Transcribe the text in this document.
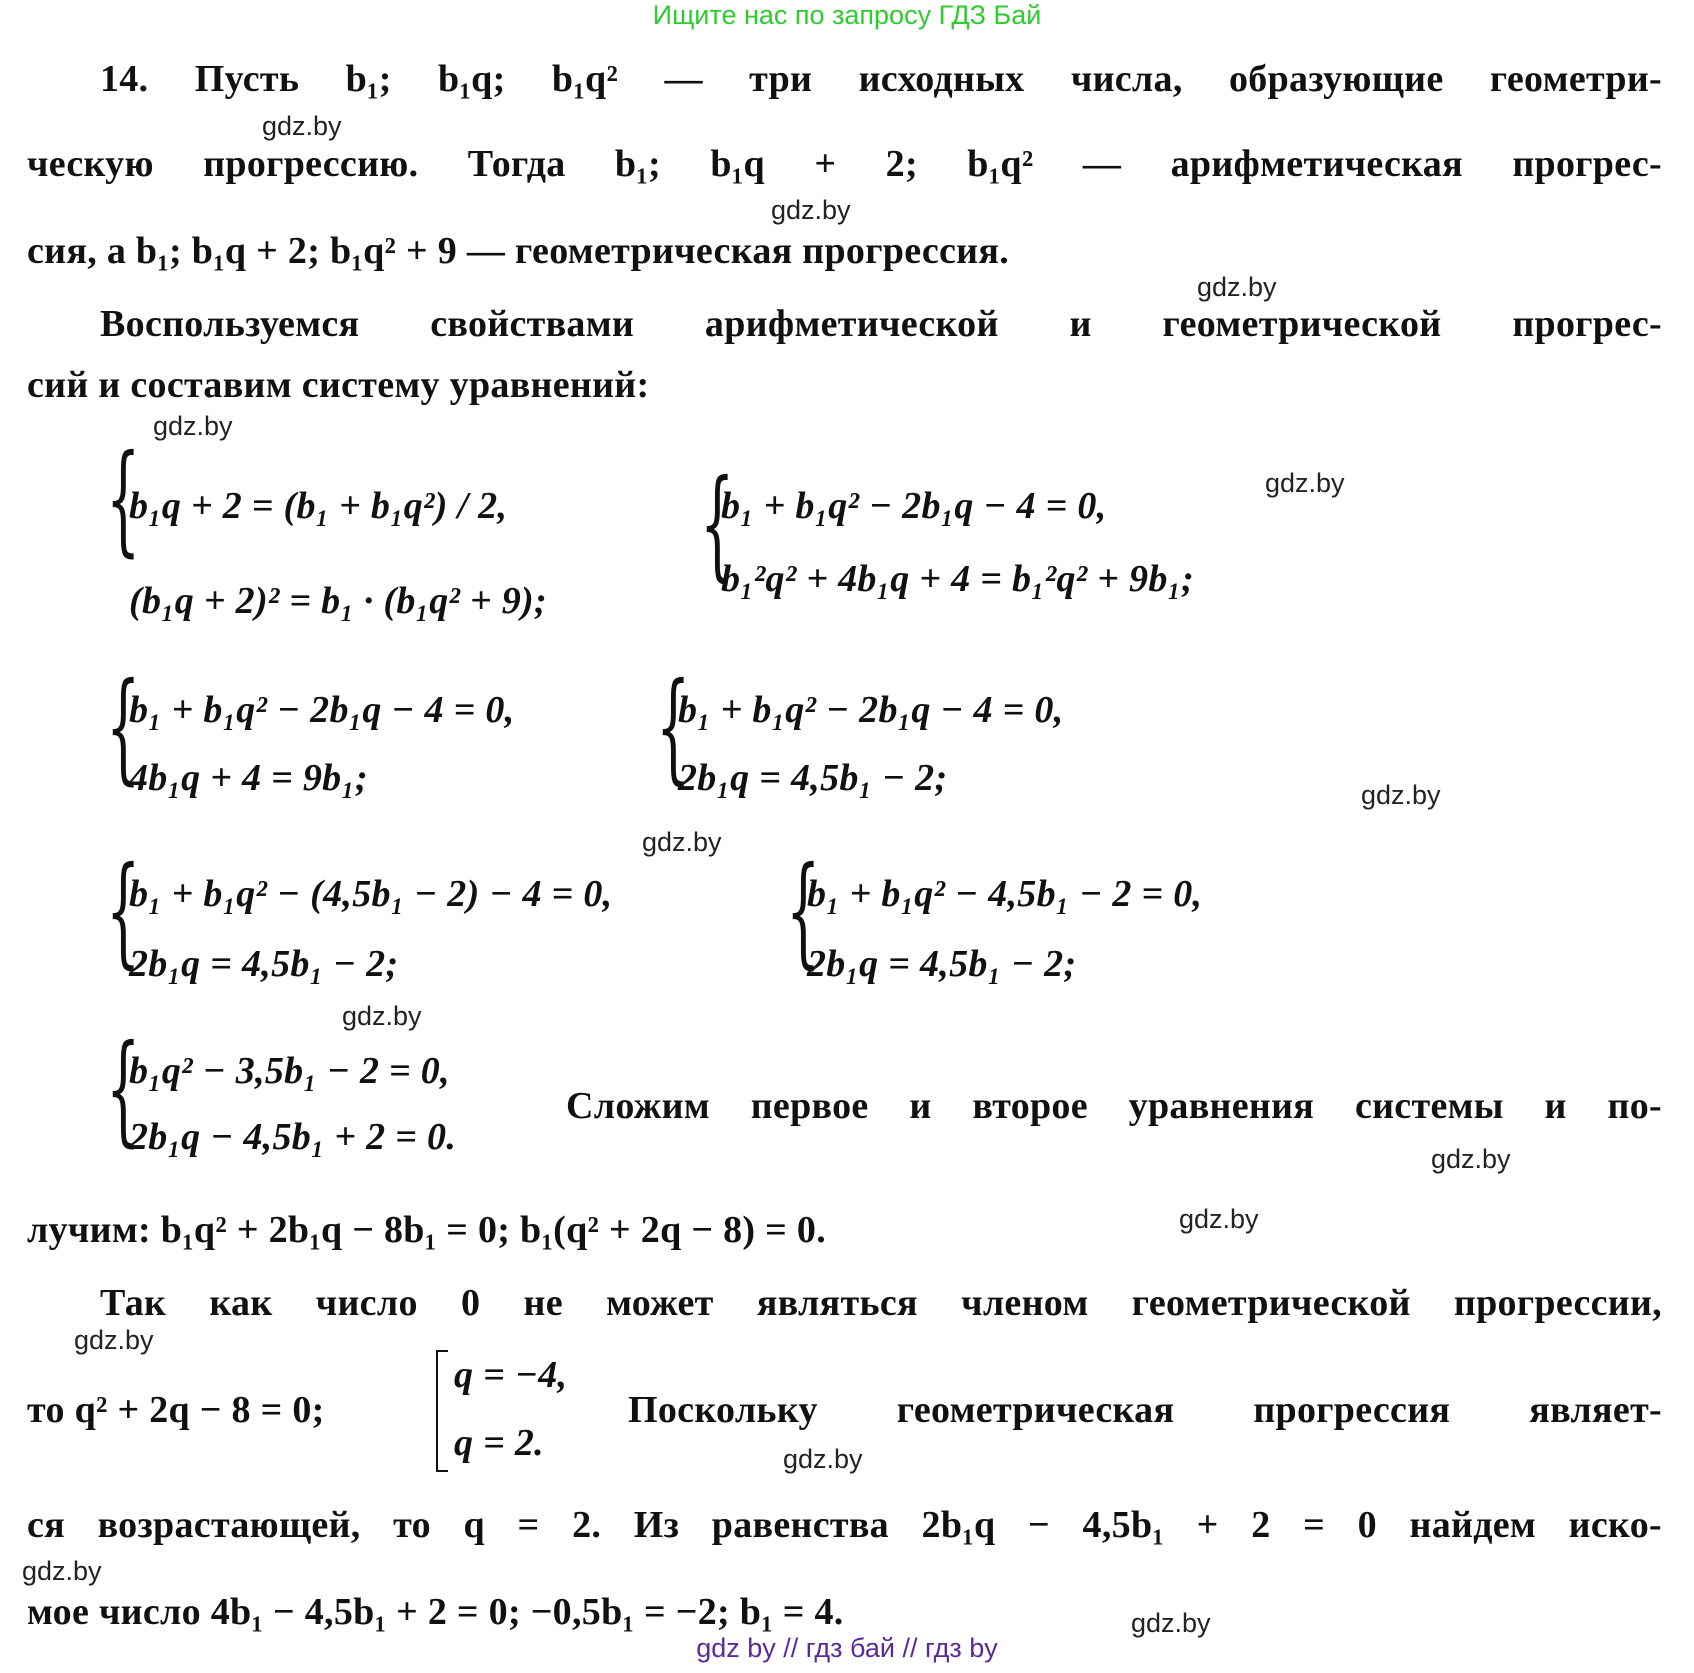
Ищите нас по запросу ГДЗ Бай
14. Пусть b₁; b₁q; b₁q² — три исходных числа, образующие геометри-
ческую прогрессию. Тогда b₁; b₁q + 2; b₁q² — арифметическая прогрес-
сия, а b₁; b₁q + 2; b₁q² + 9 — геометрическая прогрессия.
Воспользуемся свойствами арифметической и геометрической прогрес-
сий и составим систему уравнений:
{
b₁q + 2 = (b₁ + b₁q²) / 2,
(b₁q + 2)² = b₁ · (b₁q² + 9);
{
b₁ + b₁q² − 2b₁q − 4 = 0,
b₁²q² + 4b₁q + 4 = b₁²q² + 9b₁;
{
b₁ + b₁q² − 2b₁q − 4 = 0,
4b₁q + 4 = 9b₁; {
b₁ + b₁q² − 2b₁q − 4 = 0,
2b₁q = 4,5b₁ − 2;
{
b₁ + b₁q² − (4,5b₁ − 2) − 4 = 0,
2b₁q = 4,5b₁ − 2;	{
b₁ + b₁q² − 4,5b₁ − 2 = 0,
2b₁q = 4,5b₁ − 2;
{
b₁q² − 3,5b₁ − 2 = 0,
2b₁q − 4,5b₁ + 2 = 0.
Сложим первое и второе уравнения системы и по-
лучим: b₁q² + 2b₁q − 8b₁ = 0; b₁(q² + 2q − 8) = 0.
Так как число 0 не может являться членом геометрической прогрессии,
то q² + 2q − 8 = 0;
q = −4,
q = 2.
Поскольку геометрическая прогрессия являет-
ся возрастающей, то q = 2. Из равенства 2b₁q − 4,5b₁ + 2 = 0 найдем иско-
мое число 4b₁ − 4,5b₁ + 2 = 0; −0,5b₁ = −2; b₁ = 4.
gdz.by
gdz.by
gdz.by
gdz.by
gdz.by
gdz.by
gdz.by
gdz.by
gdz.by
gdz.by
gdz.by
gdz.by
gdz.by
gdz.by
gdz by // гдз бай // гдз by
